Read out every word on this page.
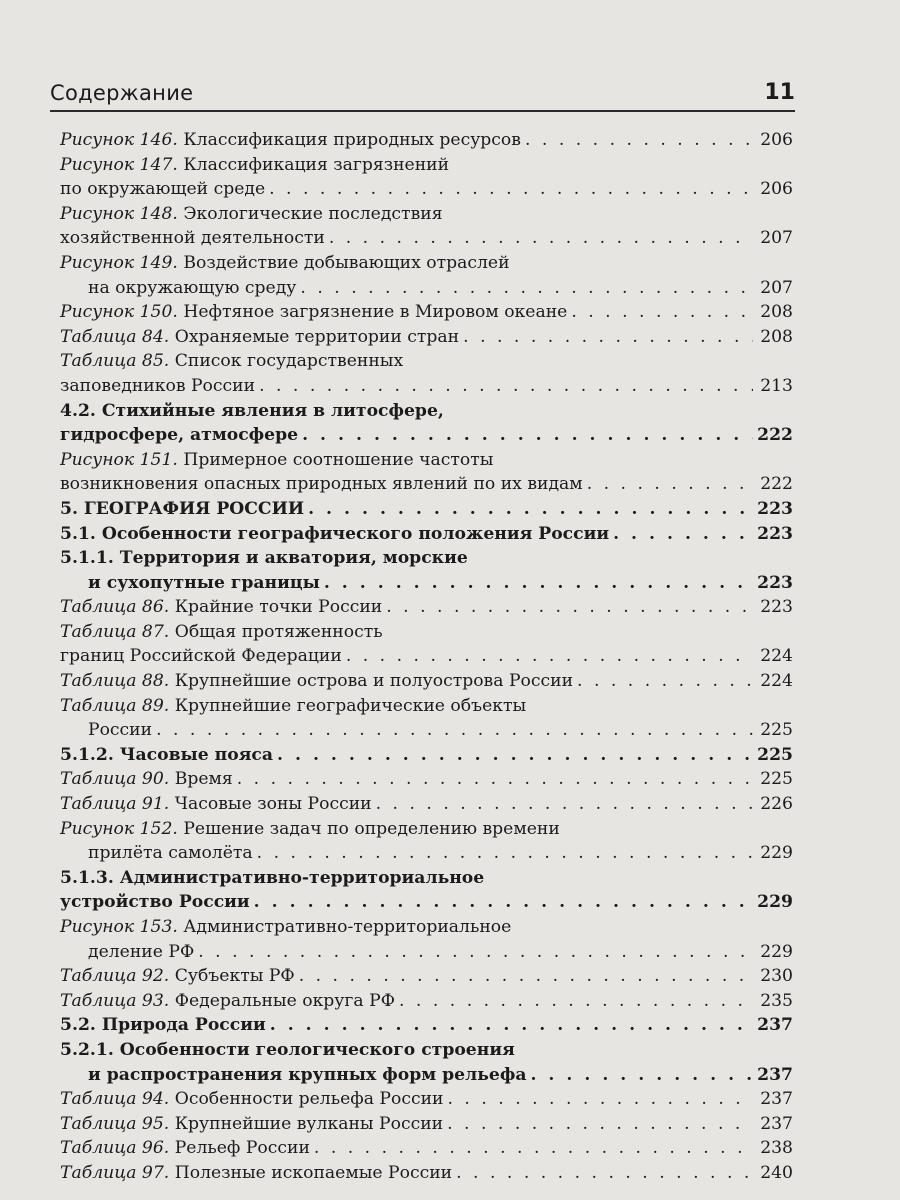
Содержание	11
Рисунок 146. Классификация природных ресурсов . . .	206
Рисунок 147. Классификация загрязнений
по окружающей среде . . .	206
Рисунок 148. Экологические последствия
хозяйственной деятельности . . .	207
Рисунок 149. Воздействие добывающих отраслей
на окружающую среду . . .	207
Рисунок 150. Нефтяное загрязнение в Мировом океане . . .	208
Таблица 84. Охраняемые территории стран . . .	208
Таблица 85. Список государственных
заповедников России . . .	213
4.2. Стихийные явления в литосфере,
гидросфере, атмосфере . . .	222
Рисунок 151. Примерное соотношение частоты
возникновения опасных природных явлений по их видам . . .	222
5. ГЕОГРАФИЯ РОССИИ . . .	223
5.1. Особенности географического положения России . . .	223
5.1.1. Территория и акватория, морские
и сухопутные границы . . .	223
Таблица 86. Крайние точки России . . .	223
Таблица 87. Общая протяженность
границ Российской Федерации . . .	224
Таблица 88. Крупнейшие острова и полуострова России . . .	224
Таблица 89. Крупнейшие географические объекты
России . . .	225
5.1.2. Часовые пояса . . .	225
Таблица 90. Время . . .	225
Таблица 91. Часовые зоны России . . .	226
Рисунок 152. Решение задач по определению времени
прилёта самолёта . . .	229
5.1.3. Административно-территориальное
устройство России . . .	229
Рисунок 153. Административно-территориальное
деление РФ . . .	229
Таблица 92. Субъекты РФ . . .	230
Таблица 93. Федеральные округа РФ . . .	235
5.2. Природа России . . .	237
5.2.1. Особенности геологического строения
и распространения крупных форм рельефа . . .	237
Таблица 94. Особенности рельефа России . . .	237
Таблица 95. Крупнейшие вулканы России . . .	237
Таблица 96. Рельеф России . . .	238
Таблица 97. Полезные ископаемые России . . .	240
